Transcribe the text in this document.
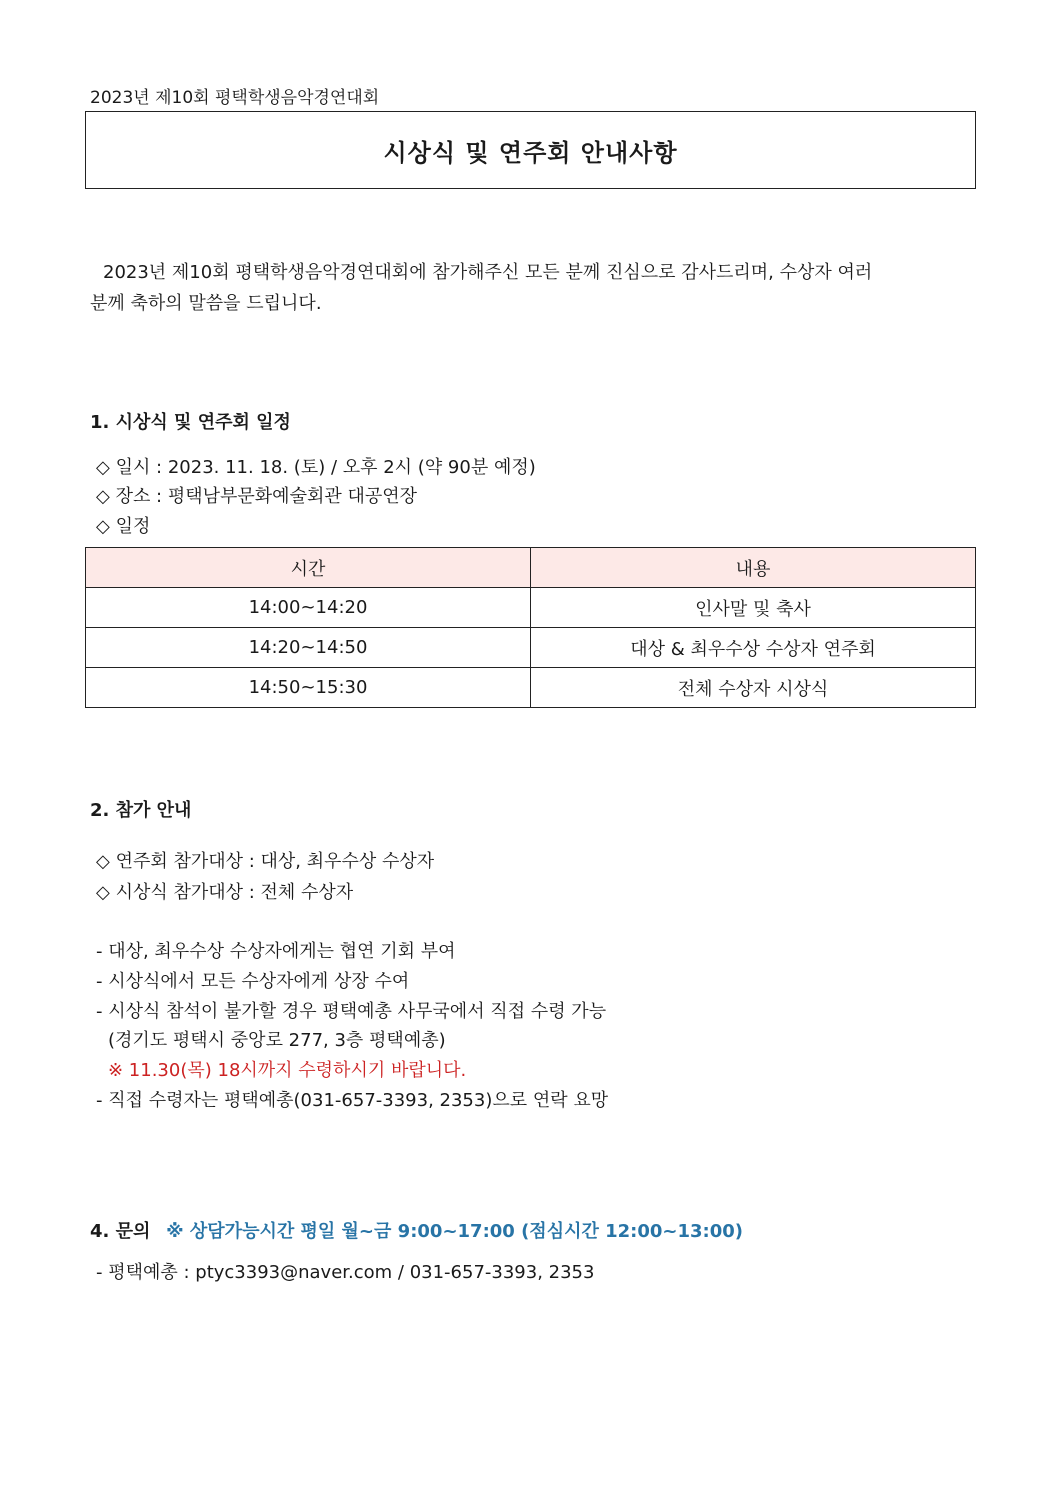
2023년 제10회 평택학생음악경연대회
시상식 및 연주회 안내사항
2023년 제10회 평택학생음악경연대회에 참가해주신 모든 분께 진심으로 감사드리며, 수상자 여러
분께 축하의 말씀을 드립니다.
1. 시상식 및 연주회 일정
◇ 일시 : 2023. 11. 18. (토) / 오후 2시 (약 90분 예정)
◇ 장소 : 평택남부문화예술회관 대공연장
◇ 일정
시간	내용
14:00~14:20	인사말 및 축사
14:20~14:50	대상 & 최우수상 수상자 연주회
14:50~15:30	전체 수상자 시상식
2. 참가 안내
◇ 연주회 참가대상 : 대상, 최우수상 수상자
◇ 시상식 참가대상 : 전체 수상자
- 대상, 최우수상 수상자에게는 협연 기회 부여
- 시상식에서 모든 수상자에게 상장 수여
- 시상식 참석이 불가할 경우 평택예총 사무국에서 직접 수령 가능
(경기도 평택시 중앙로 277, 3층 평택예총)
※ 11.30(목) 18시까지 수령하시기 바랍니다.
- 직접 수령자는 평택예총(031-657-3393, 2353)으로 연락 요망
4. 문의 ※ 상담가능시간 평일 월~금 9:00~17:00 (점심시간 12:00~13:00)
- 평택예총 : ptyc3393@naver.com / 031-657-3393, 2353
